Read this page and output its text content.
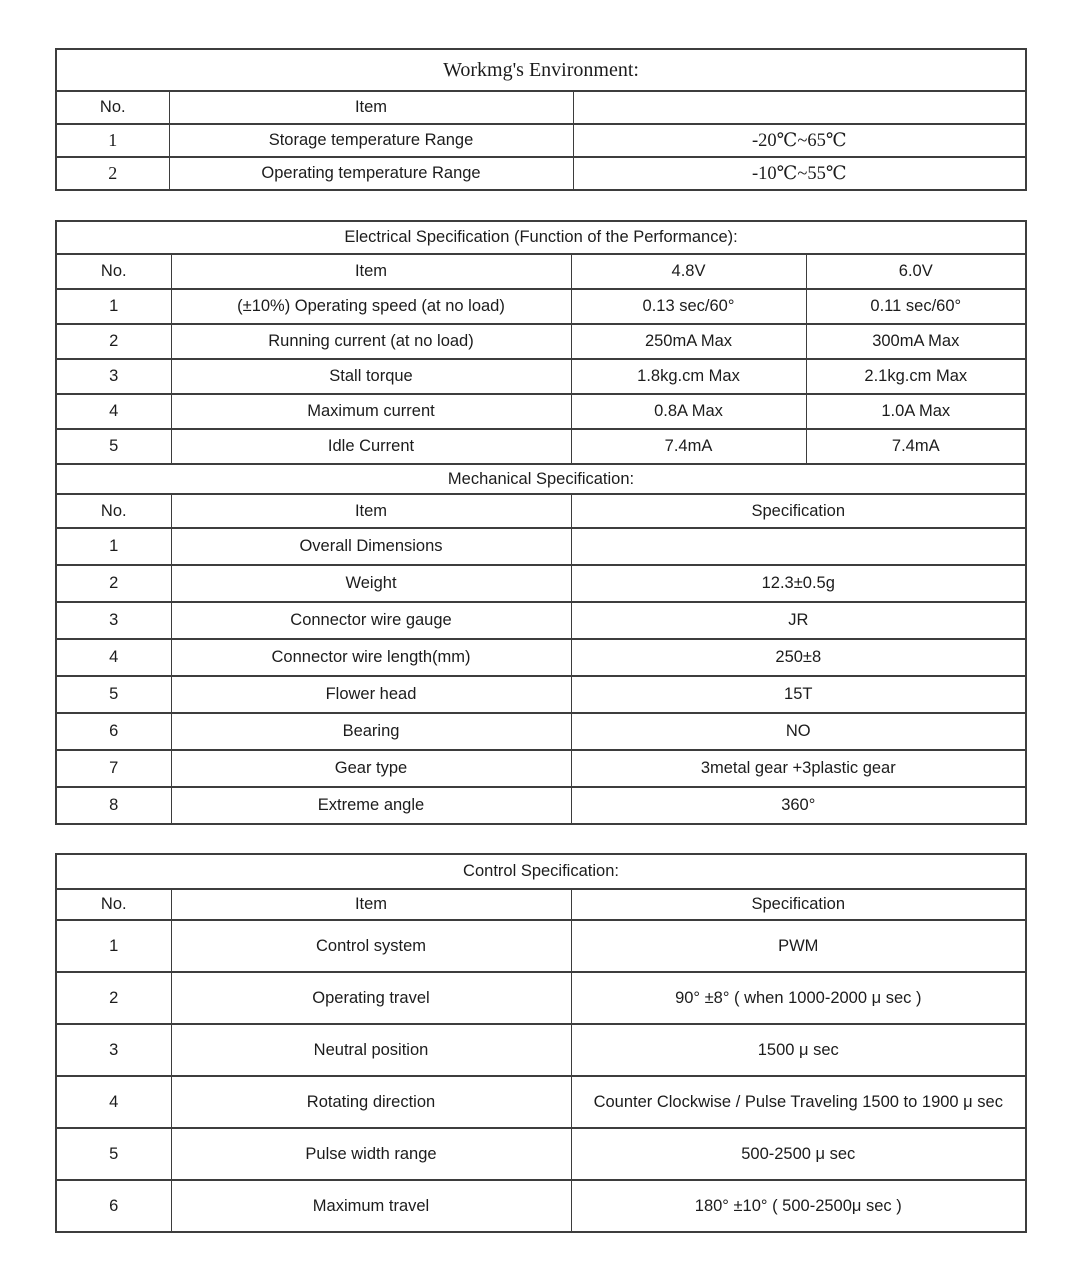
Workmg's Environment:		
No.	Item	
1	Storage temperature Range	-20℃~65℃
2	Operating temperature Range	-10℃~55℃
Electrical Specification (Function of the Performance):			
No.	Item	4.8V	6.0V
1	(±10%) Operating speed (at no load)	0.13 sec/60°	0.11 sec/60°
2	Running current (at no load)	250mA Max	300mA Max
3	Stall torque	1.8kg.cm Max	2.1kg.cm Max
4	Maximum current	0.8A Max	1.0A Max
5	Idle Current	7.4mA	7.4mA
Mechanical Specification:			
No.	Item	Specification	
1	Overall Dimensions		
2	Weight	12.3±0.5g	
3	Connector wire gauge	JR	
4	Connector wire length(mm)	250±8	
5	Flower head	15T	
6	Bearing	NO	
7	Gear type	3metal gear +3plastic gear	
8	Extreme angle	360°	
Control Specification:		
No.	Item	Specification
1	Control system	PWM
2	Operating travel	90° ±8° ( when 1000-2000 μ sec )
3	Neutral position	1500 μ sec
4	Rotating direction	Counter Clockwise / Pulse Traveling 1500 to 1900 μ sec
5	Pulse width range	500-2500 μ sec
6	Maximum travel	180° ±10° ( 500-2500μ sec )
